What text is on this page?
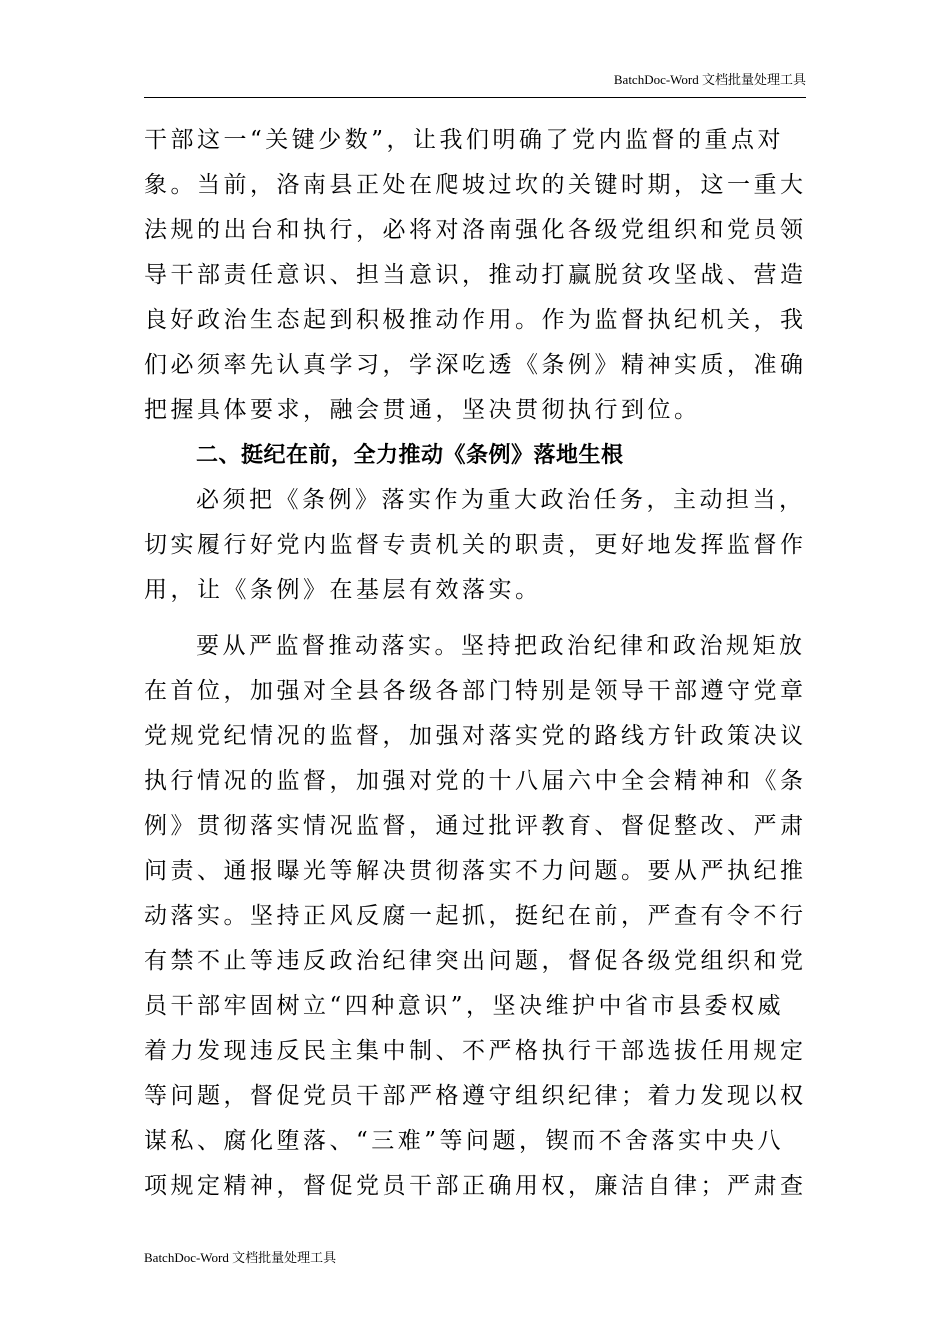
BatchDoc-Word 文档批量处理工具
干部这一“关键少数”，让我们明确了党内监督的重点对
象。当前，洛南县正处在爬坡过坎的关键时期，这一重大
法规的出台和执行，必将对洛南强化各级党组织和党员领
导干部责任意识、担当意识，推动打赢脱贫攻坚战、营造
良好政治生态起到积极推动作用。作为监督执纪机关，我
们必须率先认真学习，学深吃透《条例》精神实质，准确
把握具体要求，融会贯通，坚决贯彻执行到位。
二、挺纪在前，全力推动《条例》落地生根
必须把《条例》落实作为重大政治任务，主动担当，
切实履行好党内监督专责机关的职责，更好地发挥监督作
用，让《条例》在基层有效落实。
要从严监督推动落实。坚持把政治纪律和政治规矩放
在首位，加强对全县各级各部门特别是领导干部遵守党章
党规党纪情况的监督，加强对落实党的路线方针政策决议
执行情况的监督，加强对党的十八届六中全会精神和《条
例》贯彻落实情况监督，通过批评教育、督促整改、严肃
问责、通报曝光等解决贯彻落实不力问题。要从严执纪推
动落实。坚持正风反腐一起抓，挺纪在前，严查有令不行
有禁不止等违反政治纪律突出问题，督促各级党组织和党
员干部牢固树立“四种意识”，坚决维护中省市县委权威
着力发现违反民主集中制、不严格执行干部选拔任用规定
等问题，督促党员干部严格遵守组织纪律；着力发现以权
谋私、腐化堕落、“三难”等问题，锲而不舍落实中央八
项规定精神，督促党员干部正确用权，廉洁自律；严肃查
BatchDoc-Word 文档批量处理工具
